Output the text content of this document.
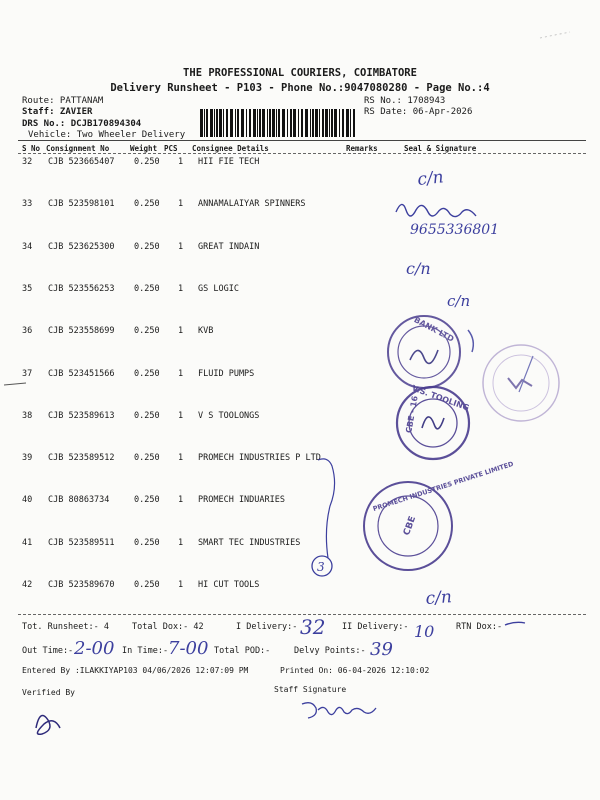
THE PROFESSIONAL COURIERS, COIMBATORE
Delivery Runsheet - P103 - Phone No.:9047080280 - Page No.:4
Route: PATTANAM
Staff: ZAVIER
DRS No.: DCJB170894304
Vehicle: Two Wheeler Delivery
RS No.: 1708943
RS Date: 06-Apr-2026
S No Consignment No	Weight PCS Consignee Details	Remarks	Seal & Signature
32 CJB 523665407 0.250 1 HII FIE TECH
33 CJB 523598101 0.250 1 ANNAMALAIYAR SPINNERS
34 CJB 523625300 0.250 1 GREAT INDAIN
35 CJB 523556253 0.250 1 GS LOGIC
36 CJB 523558699 0.250 1 KVB
37 CJB 523451566 0.250 1 FLUID PUMPS
38 CJB 523589613 0.250 1 V S TOOLONGS
39 CJB 523589512 0.250 1 PROMECH INDUSTRIES P LTD
40 CJB 80863734	0.250 1 PROMECH INDUARIES
41 CJB 523589511 0.250 1 SMART TEC INDUSTRIES
42 CJB 523589670 0.250 1 HI CUT TOOLS
c/n
9655336801
c/n
c/n
BANK LTD
V.S. TOOLING
CBE - 16
PROMECH INDUSTRIES PRIVATE LIMITED
CBE
3
c/n
Tot. Runsheet:- 4	Total Dox:- 42	I Delivery:- 32 II Delivery:- 10	RTN Dox:-
Out Time:- 2-00 In Time:- 7-00 Total POD:-	Delvy Points:- 39
Entered By :ILAKKIYAP103 04/06/2026 12:07:09 PM	Printed On: 06-04-2026 12:10:02
Verified By	Staff Signature
